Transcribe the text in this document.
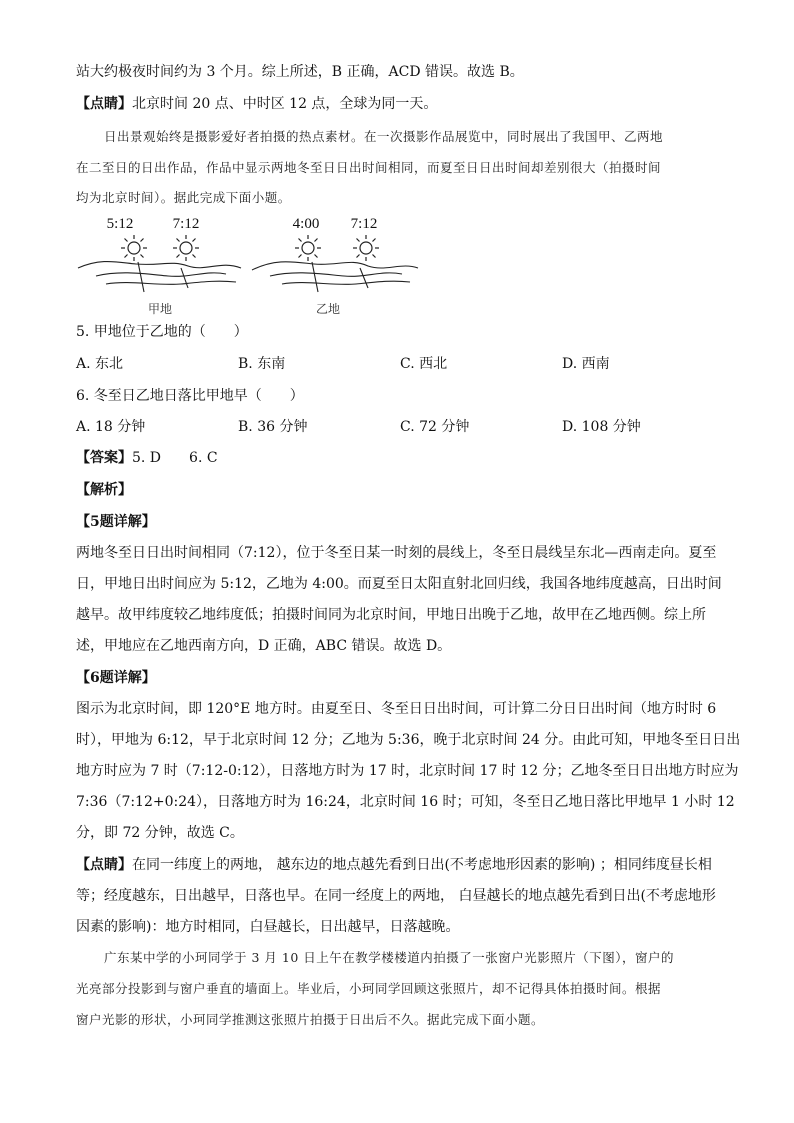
站大约极夜时间约为 3 个月。综上所述，B 正确，ACD 错误。故选 B。
【点睛】北京时间 20 点、中时区 12 点，全球为同一天。
日出景观始终是摄影爱好者拍摄的热点素材。在一次摄影作品展览中，同时展出了我国甲、乙两地
在二至日的日出作品，作品中显示两地冬至日日出时间相同，而夏至日日出时间却差别很大（拍摄时间
均为北京时间）。据此完成下面小题。
5:12	7:12
甲地
4:00 7:12
乙地
5. 甲地位于乙地的（　　）
A. 东北	B. 东南	C. 西北	D. 西南
6. 冬至日乙地日落比甲地早（　　）
A. 18 分钟	B. 36 分钟	C. 72 分钟	D. 108 分钟
【答案】5. D　　6. C
【解析】
【5题详解】
两地冬至日日出时间相同（7:12），位于冬至日某一时刻的晨线上，冬至日晨线呈东北—西南走向。夏至
日，甲地日出时间应为 5:12，乙地为 4:00。而夏至日太阳直射北回归线，我国各地纬度越高，日出时间
越早。故甲纬度较乙地纬度低；拍摄时间同为北京时间，甲地日出晚于乙地，故甲在乙地西侧。综上所
述，甲地应在乙地西南方向，D 正确，ABC 错误。故选 D。
【6题详解】
图示为北京时间，即 120°E 地方时。由夏至日、冬至日日出时间，可计算二分日日出时间（地方时时 6
时），甲地为 6:12，早于北京时间 12 分；乙地为 5:36，晚于北京时间 24 分。由此可知，甲地冬至日日出
地方时应为 7 时（7:12-0:12），日落地方时为 17 时，北京时间 17 时 12 分；乙地冬至日日出地方时应为
7:36（7:12+0:24），日落地方时为 16:24，北京时间 16 时；可知，冬至日乙地日落比甲地早 1 小时 12
分，即 72 分钟，故选 C。
【点睛】在同一纬度上的两地， 越东边的地点越先看到日出(不考虑地形因素的影响) ；相同纬度昼长相
等；经度越东，日出越早，日落也早。在同一经度上的两地， 白昼越长的地点越先看到日出(不考虑地形
因素的影响)：地方时相同，白昼越长，日出越早，日落越晚。
广东某中学的小珂同学于 3 月 10 日上午在教学楼楼道内拍摄了一张窗户光影照片（下图），窗户的
光亮部分投影到与窗户垂直的墙面上。毕业后，小珂同学回顾这张照片，却不记得具体拍摄时间。根据
窗户光影的形状，小珂同学推测这张照片拍摄于日出后不久。据此完成下面小题。
